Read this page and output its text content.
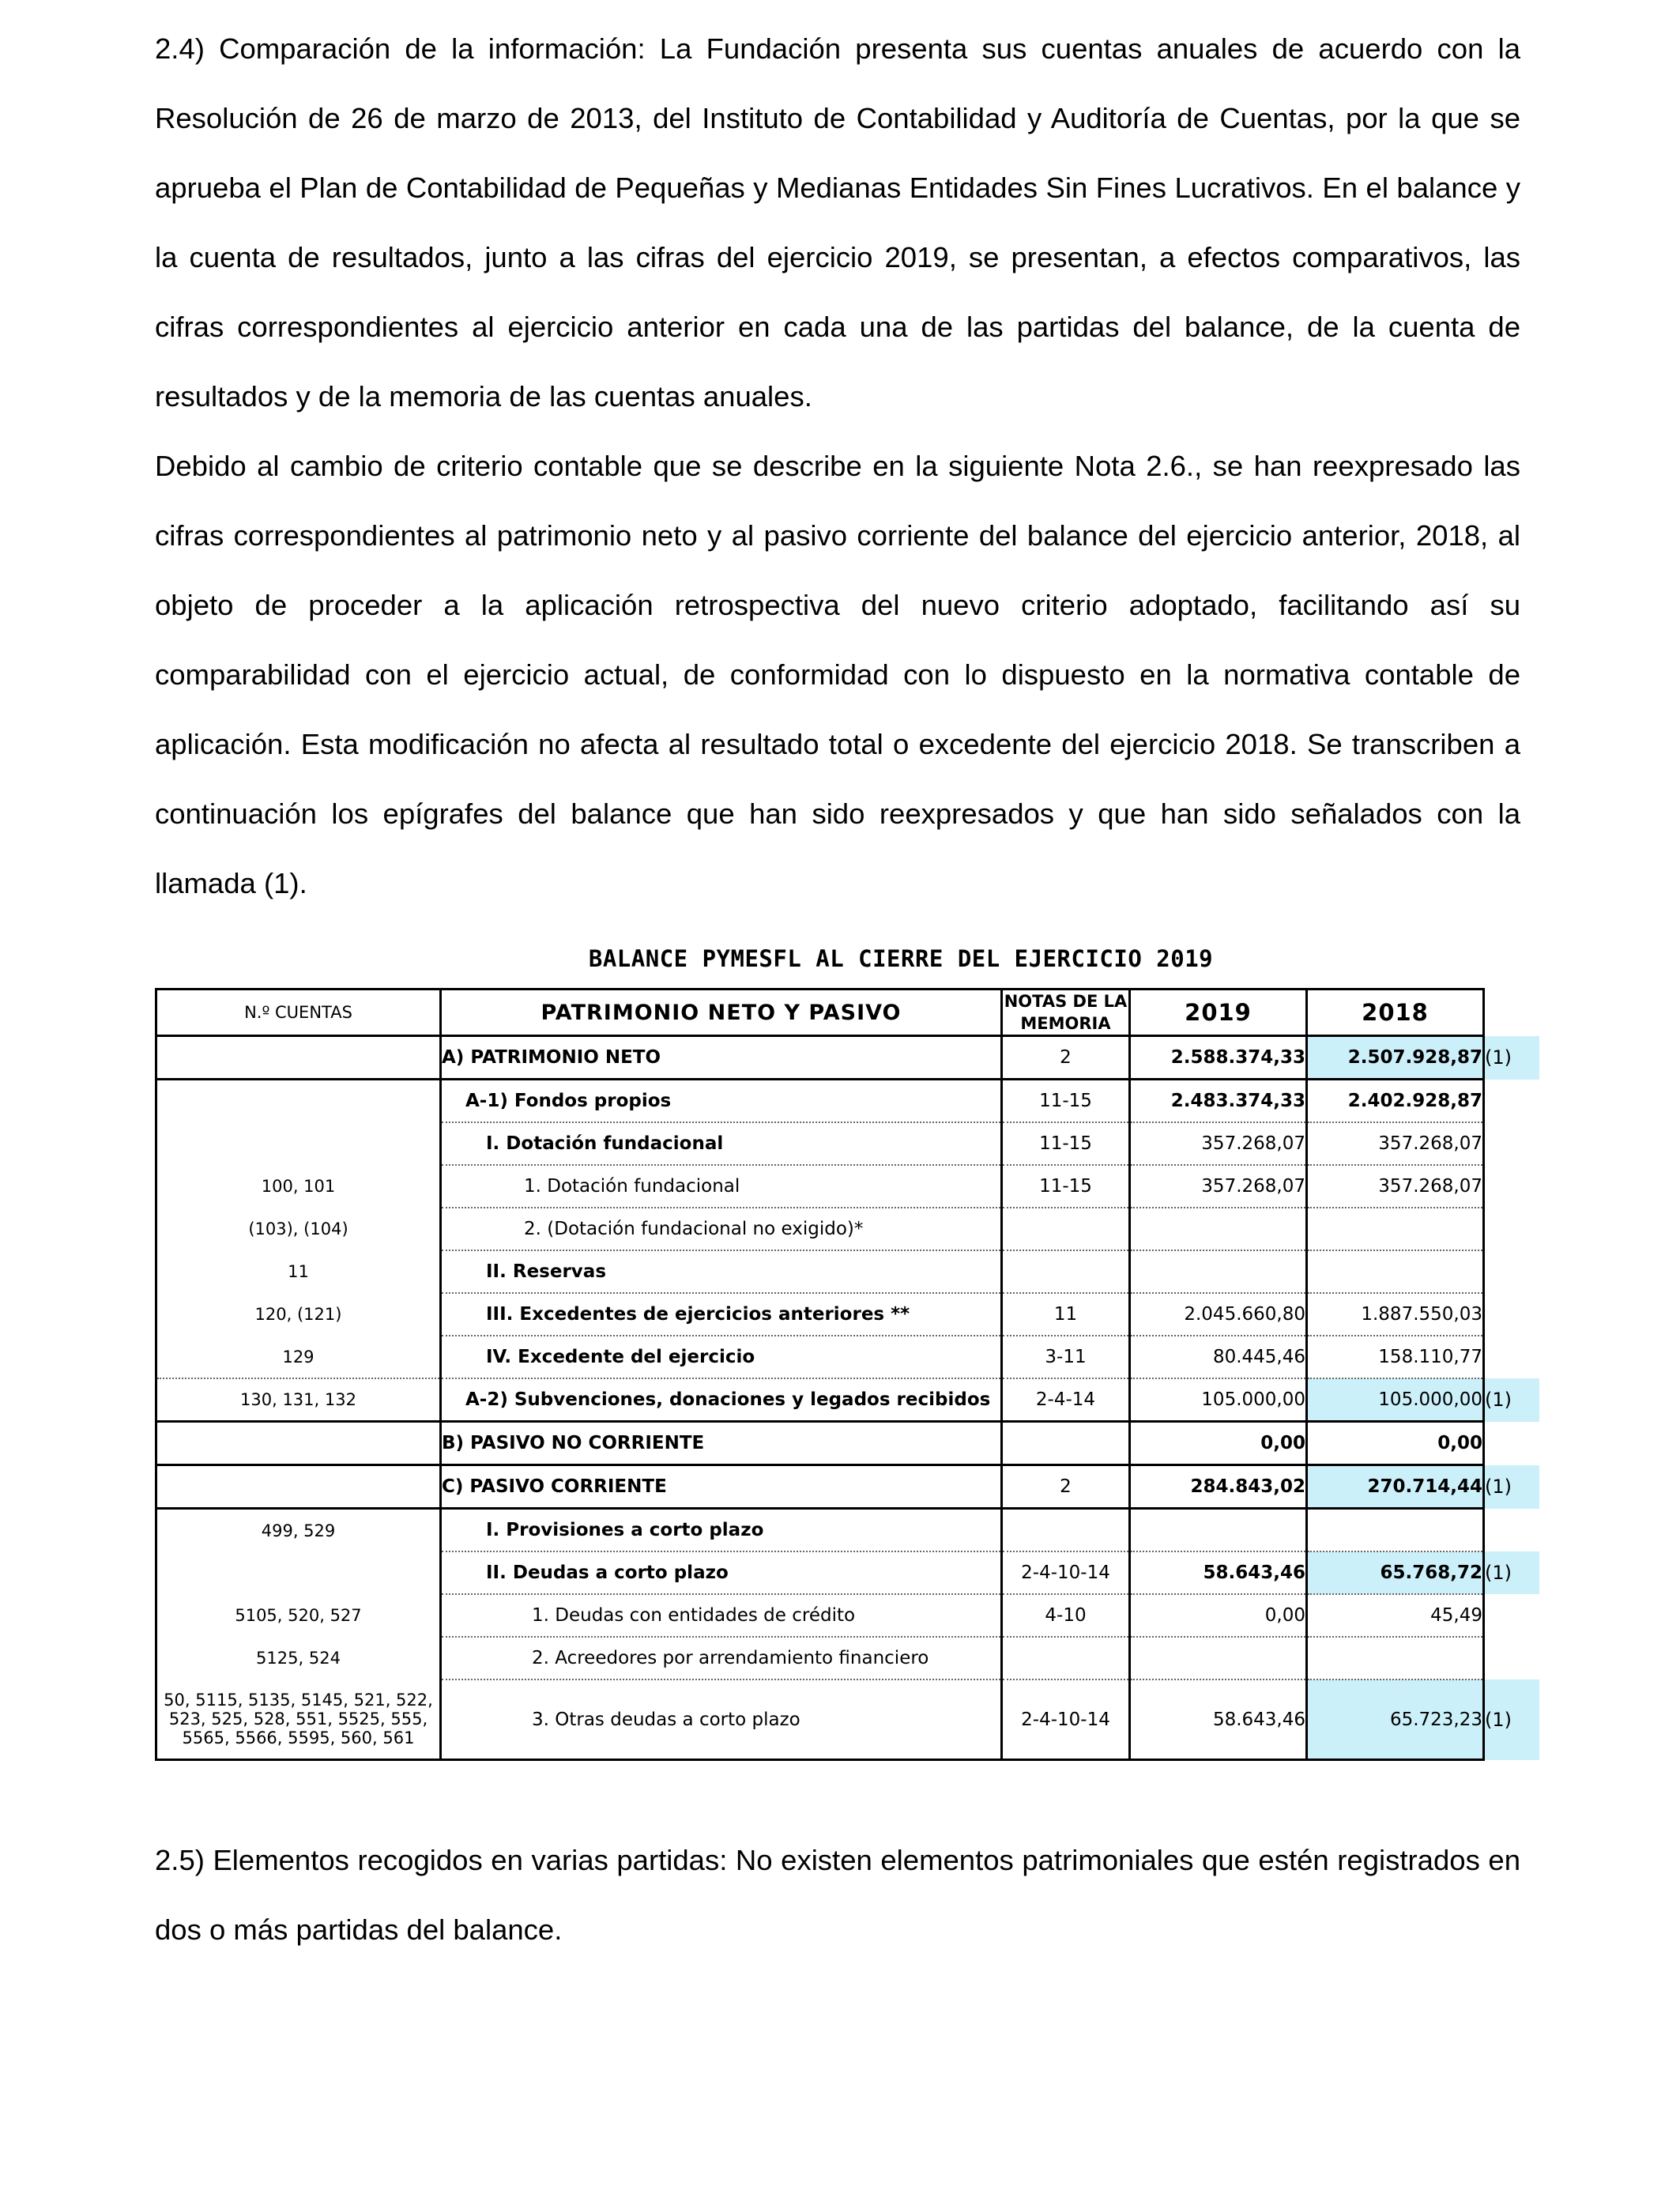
2.4) Comparación de la información: La Fundación presenta sus cuentas anuales de acuerdo con la Resolución de 26 de marzo de 2013, del Instituto de Contabilidad y Auditoría de Cuentas, por la que se aprueba el Plan de Contabilidad de Pequeñas y Medianas Entidades Sin Fines Lucrativos. En el balance y la cuenta de resultados, junto a las cifras del ejercicio 2019, se presentan, a efectos comparativos, las cifras correspondientes al ejercicio anterior en cada una de las partidas del balance, de la cuenta de resultados y de la memoria de las cuentas anuales.

Debido al cambio de criterio contable que se describe en la siguiente Nota 2.6., se han reexpresado las cifras correspondientes al patrimonio neto y al pasivo corriente del balance del ejercicio anterior, 2018, al objeto de proceder a la aplicación retrospectiva del nuevo criterio adoptado, facilitando así su comparabilidad con el ejercicio actual, de conformidad con lo dispuesto en la normativa contable de aplicación. Esta modificación no afecta al resultado total o excedente del ejercicio 2018. Se transcriben a continuación los epígrafes del balance que han sido reexpresados y que han sido señalados con la llamada (1).

BALANCE PYMESFL AL CIERRE DEL EJERCICIO 2019
N.º CUENTAS	PATRIMONIO NETO Y PASIVO	NOTAS DE LA MEMORIA	2019	2018	
	A) PATRIMONIO NETO	2	2.588.374,33	2.507.928,87	(1)
	A-1) Fondos propios	11-15	2.483.374,33	2.402.928,87	
	I. Dotación fundacional	11-15	357.268,07	357.268,07	
100, 101	1. Dotación fundacional	11-15	357.268,07	357.268,07	
(103), (104)	2. (Dotación fundacional no exigido)*				
11	II. Reservas				
120, (121)	III. Excedentes de ejercicios anteriores **	11	2.045.660,80	1.887.550,03	
129	IV. Excedente del ejercicio	3-11	80.445,46	158.110,77	
130, 131, 132	A-2) Subvenciones, donaciones y legados recibidos	2-4-14	105.000,00	105.000,00	(1)
	B) PASIVO NO CORRIENTE		0,00	0,00	
	C) PASIVO CORRIENTE	2	284.843,02	270.714,44	(1)
499, 529	I. Provisiones a corto plazo				
	II. Deudas a corto plazo	2-4-10-14	58.643,46	65.768,72	(1)
5105, 520, 527	1. Deudas con entidades de crédito	4-10	0,00	45,49	
5125, 524	2. Acreedores por arrendamiento financiero				
50, 5115, 5135, 5145, 521, 522, 523, 525, 528, 551, 5525, 555, 5565, 5566, 5595, 560, 561	3. Otras deudas a corto plazo	2-4-10-14	58.643,46	65.723,23	(1)

2.5) Elementos recogidos en varias partidas: No existen elementos patrimoniales que estén registrados en dos o más partidas del balance.
